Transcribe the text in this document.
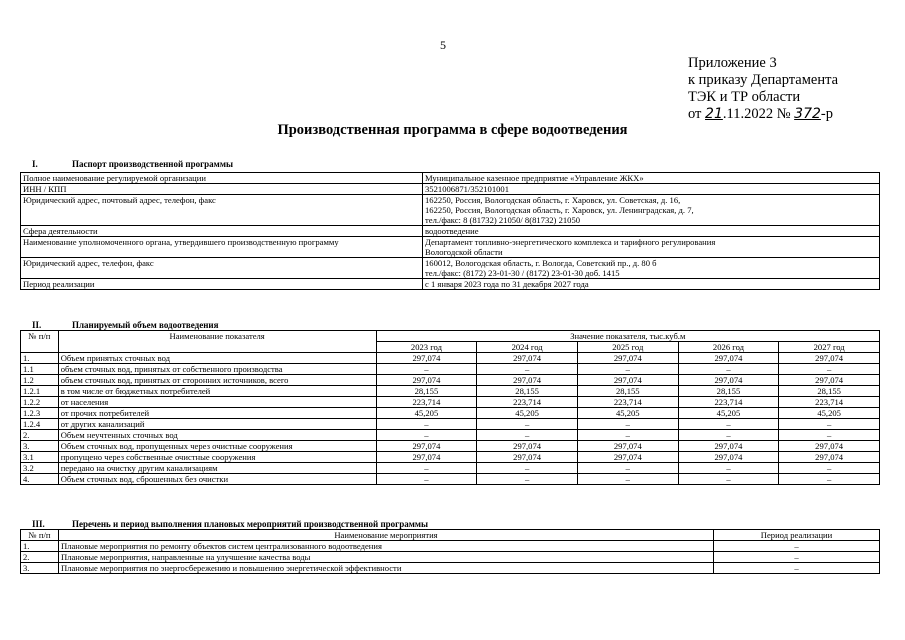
5
Приложение 3
к приказу Департамента
ТЭК и ТР области
от 21.11.2022 № 372-р
Производственная программа в сфере водоотведения
I.	Паспорт производственной программы
Полное наименование регулируемой организации	Муниципальное казенное предприятие «Управление ЖКХ»

ИНН / КПП	3521006871/352101001

Юридический адрес, почтовый адрес, телефон, факс	162250, Россия, Вологодская область, г. Харовск, ул. Советская, д. 16,
162250, Россия, Вологодская область, г. Харовск, ул. Ленинградская, д. 7,
тел./факс: 8 (81732) 21050/ 8(81732) 21050

Сфера деятельности	водоотведение

Наименование уполномоченного органа, утвердившего производственную программу	Департамент топливно-энергетического комплекса и тарифного регулирования
Вологодской области

Юридический адрес, телефон, факс	160012, Вологодская область, г. Вологда, Советский пр., д. 80 б
тел./факс: (8172) 23-01-30 / (8172) 23-01-30 доб. 1415

Период реализации	с 1 января 2023 года по 31 декабря 2027 года
II.	Планируемый объем водоотведения
№ п/п	Наименование показателя	Значение показателя, тыс.куб.м				
		2023 год	2024 год	2025 год	2026 год	2027 год
1.	Объем принятых сточных вод	297,074	297,074	297,074	297,074	297,074
1.1	объем сточных вод, принятых от собственного производства	–	–	–	–	–
1.2	объем сточных вод, принятых от сторонних источников, всего	297,074	297,074	297,074	297,074	297,074
1.2.1	в том числе от бюджетных потребителей	28,155	28,155	28,155	28,155	28,155
1.2.2	от населения	223,714	223,714	223,714	223,714	223,714
1.2.3	от прочих потребителей	45,205	45,205	45,205	45,205	45,205
1.2.4	от других канализаций	–	–	–	–	–
2.	Объем неучтенных сточных вод	–	–	–	–	–
3.	Объем сточных вод, пропущенных через очистные сооружения	297,074	297,074	297,074	297,074	297,074
3.1	пропущено через собственные очистные сооружения	297,074	297,074	297,074	297,074	297,074
3.2	передано на очистку другим канализациям	–	–	–	–	–
4.	Объем сточных вод, сброшенных без очистки	–	–	–	–	–
III.	Перечень и период выполнения плановых мероприятий производственной программы
№ п/п	Наименование мероприятия	Период реализации
1.	Плановые мероприятия по ремонту объектов систем централизованного водоотведения	–
2.	Плановые мероприятия, направленные на улучшение качества воды	–
3.	Плановые мероприятия по энергосбережению и повышению энергетической эффективности	–
